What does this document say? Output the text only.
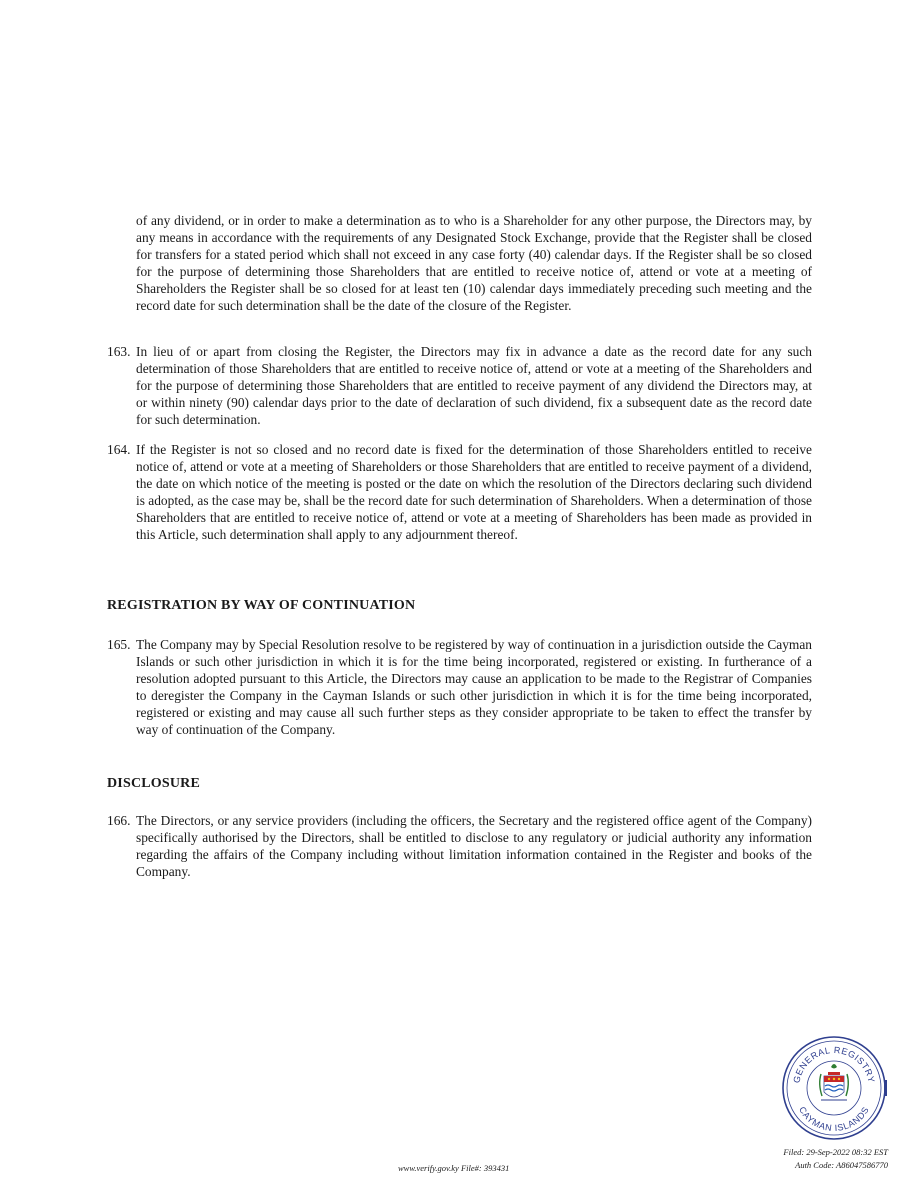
of any dividend, or in order to make a determination as to who is a Shareholder for any other purpose, the Directors may, by any means in accordance with the requirements of any Designated Stock Exchange, provide that the Register shall be closed for transfers for a stated period which shall not exceed in any case forty (40) calendar days. If the Register shall be so closed for the purpose of determining those Shareholders that are entitled to receive notice of, attend or vote at a meeting of Shareholders the Register shall be so closed for at least ten (10) calendar days immediately preceding such meeting and the record date for such determination shall be the date of the closure of the Register.

163. In lieu of or apart from closing the Register, the Directors may fix in advance a date as the record date for any such determination of those Shareholders that are entitled to receive notice of, attend or vote at a meeting of the Shareholders and for the purpose of determining those Shareholders that are entitled to receive payment of any dividend the Directors may, at or within ninety (90) calendar days prior to the date of declaration of such dividend, fix a subsequent date as the record date for such determination.
164. If the Register is not so closed and no record date is fixed for the determination of those Shareholders entitled to receive notice of, attend or vote at a meeting of Shareholders or those Shareholders that are entitled to receive payment of a dividend, the date on which notice of the meeting is posted or the date on which the resolution of the Directors declaring such dividend is adopted, as the case may be, shall be the record date for such determination of Shareholders. When a determination of those Shareholders that are entitled to receive notice of, attend or vote at a meeting of Shareholders has been made as provided in this Article, such determination shall apply to any adjournment thereof.
REGISTRATION BY WAY OF CONTINUATION
165. The Company may by Special Resolution resolve to be registered by way of continuation in a jurisdiction outside the Cayman Islands or such other jurisdiction in which it is for the time being incorporated, registered or existing. In furtherance of a resolution adopted pursuant to this Article, the Directors may cause an application to be made to the Registrar of Companies to deregister the Company in the Cayman Islands or such other jurisdiction in which it is for the time being incorporated, registered or existing and may cause all such further steps as they consider appropriate to be taken to effect the transfer by way of continuation of the Company.
DISCLOSURE
166. The Directors, or any service providers (including the officers, the Secretary and the registered office agent of the Company) specifically authorised by the Directors, shall be entitled to disclose to any regulatory or judicial authority any information regarding the affairs of the Company including without limitation information contained in the Register and books of the Company.
GENERAL REGISTRY
CAYMAN ISLANDS
www.verify.gov.ky File#: 393431
Filed: 29-Sep-2022 08:32 EST
Auth Code: A86047586770
